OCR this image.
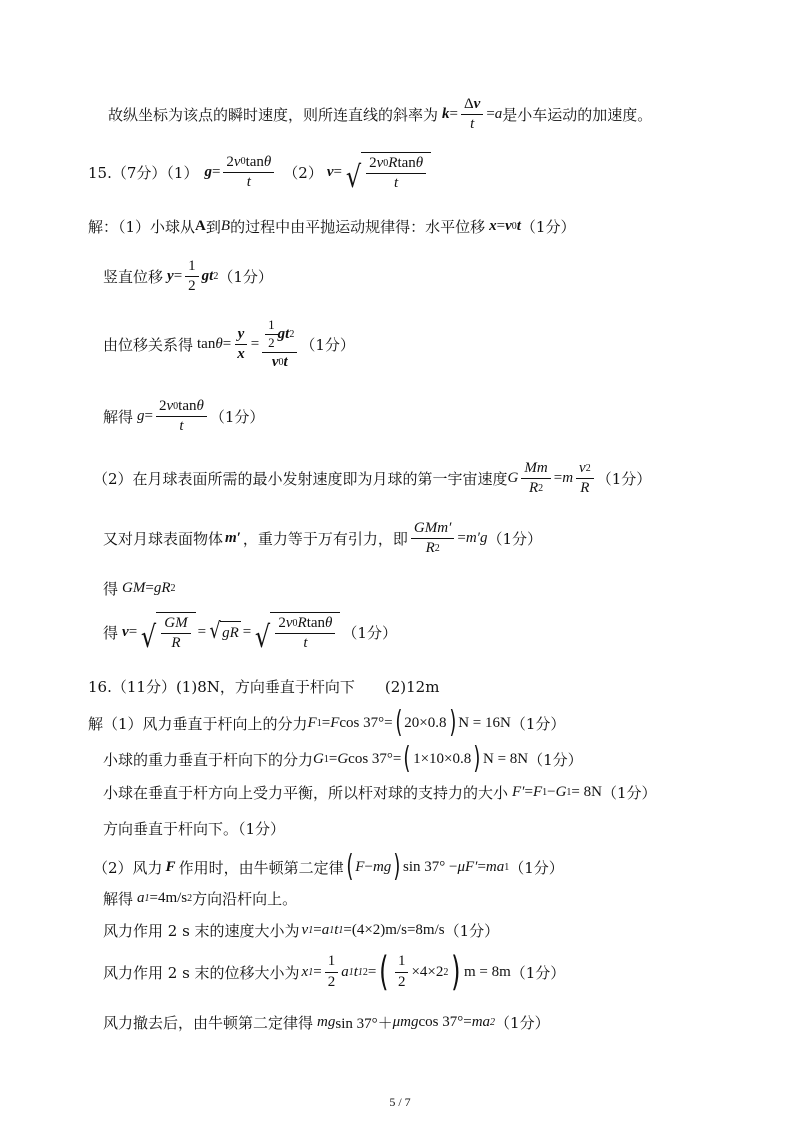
故纵坐标为该点的瞬时速度，则所连直线的斜率为 $k = \frac{\text{Δ v}}{t} = a$ 是小车运动的加速度。
15.（7分）（1） $g = \frac{\text{2 v 0 tan θ}}{t} (2) v$ = √ $\frac{\text{2 v 0 R tan θ}}{t}$
解：（1）小球从 A 到 B 的过程中由平抛运动规律得：水平位移 x = v 0 t （1分）
竖直位移 $y = \frac{1}{2}$ gt 2 （1分）
由位移关系得 $\tan \theta = \frac{y}{x} = \frac{\frac{1}{2} gt 2}{v 0 t} (1$分）
解得 $g = \frac{\text{2 v 0 tan θ}}{t} (1$分）
（2）在月球表面所需的最小发射速度即为月球的第一宇宙速度 G $\frac{Mm}{R 2} = m \frac{v 2}{R} (1$分）
又对月球表面物体 m′ ，重力等于万有引力，即 $\frac{\text{GMm′}}{R 2} = m'g$ （1分）
得 GM = gR 2
得 v = √ $\frac{GM}{R}$ = √ gR = √ $\frac{\text{2 v 0 R tan θ}}{t} (1$分）
16.（11分）(1)8N，方向垂直于杆向下 (2)12m
解（1）风力垂直于杆向上的分力 F 1 = F cos 37°= ( 20×0.8 ) N = 16N （1分）
小球的重力垂直于杆向下的分力 G 1 = G cos 37°= ( 1×10×0.8 ) N = 8N （1分）
小球在垂直于杆方向上受力平衡，所以杆对球的支持力的大小 F′ = F 1 − G 1 = 8N （1分）
方向垂直于杆向下。（1分）
（2）风力 F 作用时，由牛顿第二定律 ( F − mg ) sin 37° − μF′ = ma 1 （1分）
解得 a 1 =4m/s 2 方向沿杆向上。
风力作用 2 s 末的速度大小为 v 1 = a 1 t 1 =(4×2)m/s=8m/s （1分）
风力作用 2 s 末的位移大小为 x $1 = \frac{1}{2}$ a 1 t 1 2 = ( $\frac{1}{2} \times 4\times 2$ 2 ) m = 8m （1分）
风力撤去后，由牛顿第二定律得 mg sin 37°＋ μmg cos 37°= ma 2 （1分）
5 / 7
